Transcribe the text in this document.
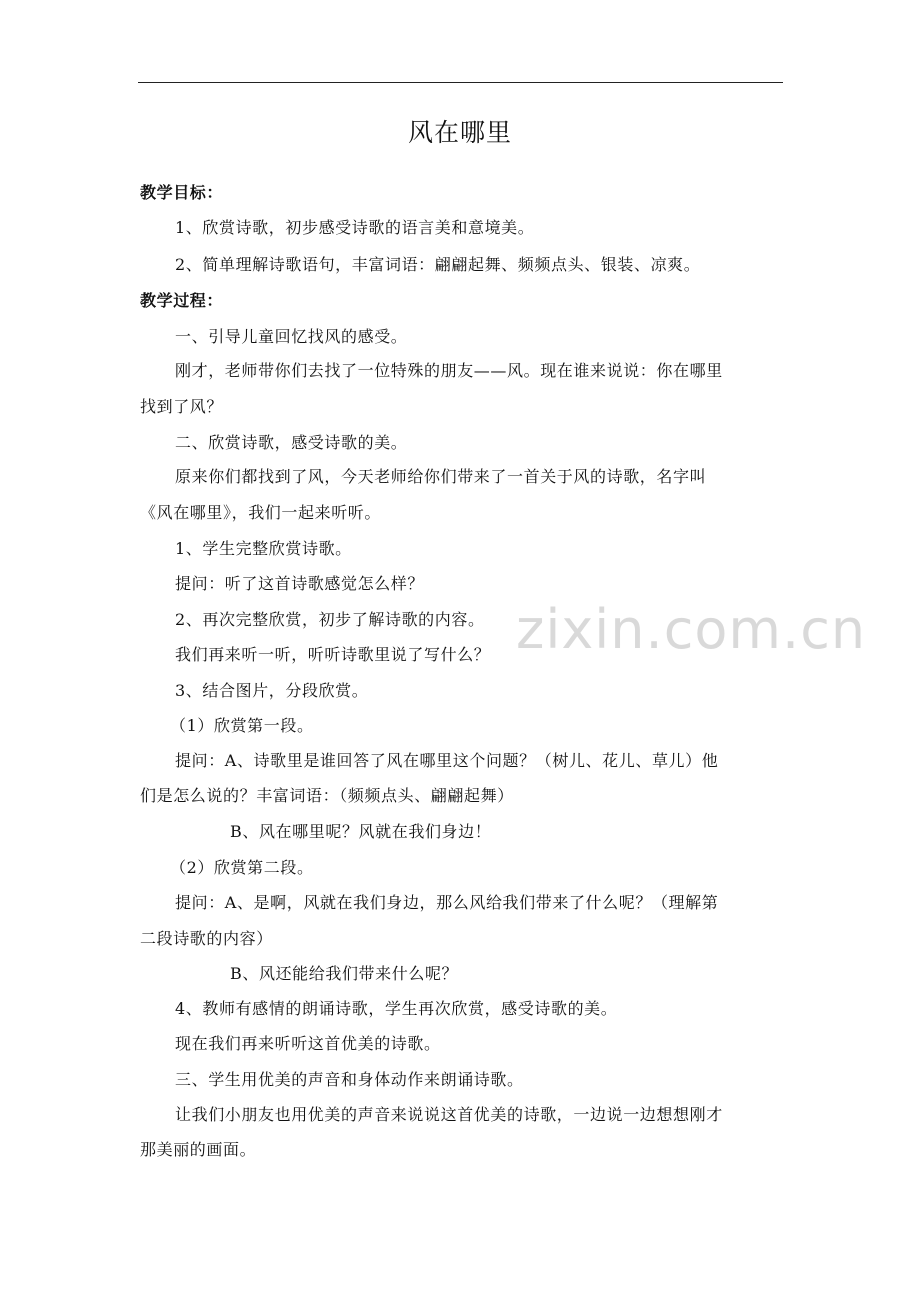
风在哪里
zixin.com.cn
教学目标：
1、欣赏诗歌，初步感受诗歌的语言美和意境美。
2、简单理解诗歌语句，丰富词语：翩翩起舞、频频点头、银装、凉爽。
教学过程：
一、引导儿童回忆找风的感受。
刚才，老师带你们去找了一位特殊的朋友——风。现在谁来说说：你在哪里
找到了风？
二、欣赏诗歌，感受诗歌的美。
原来你们都找到了风，今天老师给你们带来了一首关于风的诗歌，名字叫
《风在哪里》，我们一起来听听。
1、学生完整欣赏诗歌。
提问：听了这首诗歌感觉怎么样？
2、再次完整欣赏，初步了解诗歌的内容。
我们再来听一听，听听诗歌里说了写什么？
3、结合图片，分段欣赏。
（1）欣赏第一段。
提问：A、诗歌里是谁回答了风在哪里这个问题？（树儿、花儿、草儿）他
们是怎么说的？丰富词语：（频频点头、翩翩起舞）
B、风在哪里呢？风就在我们身边！
（2）欣赏第二段。
提问：A、是啊，风就在我们身边，那么风给我们带来了什么呢？（理解第
二段诗歌的内容）
B、风还能给我们带来什么呢？
4、教师有感情的朗诵诗歌，学生再次欣赏，感受诗歌的美。
现在我们再来听听这首优美的诗歌。
三、学生用优美的声音和身体动作来朗诵诗歌。
让我们小朋友也用优美的声音来说说这首优美的诗歌，一边说一边想想刚才
那美丽的画面。
